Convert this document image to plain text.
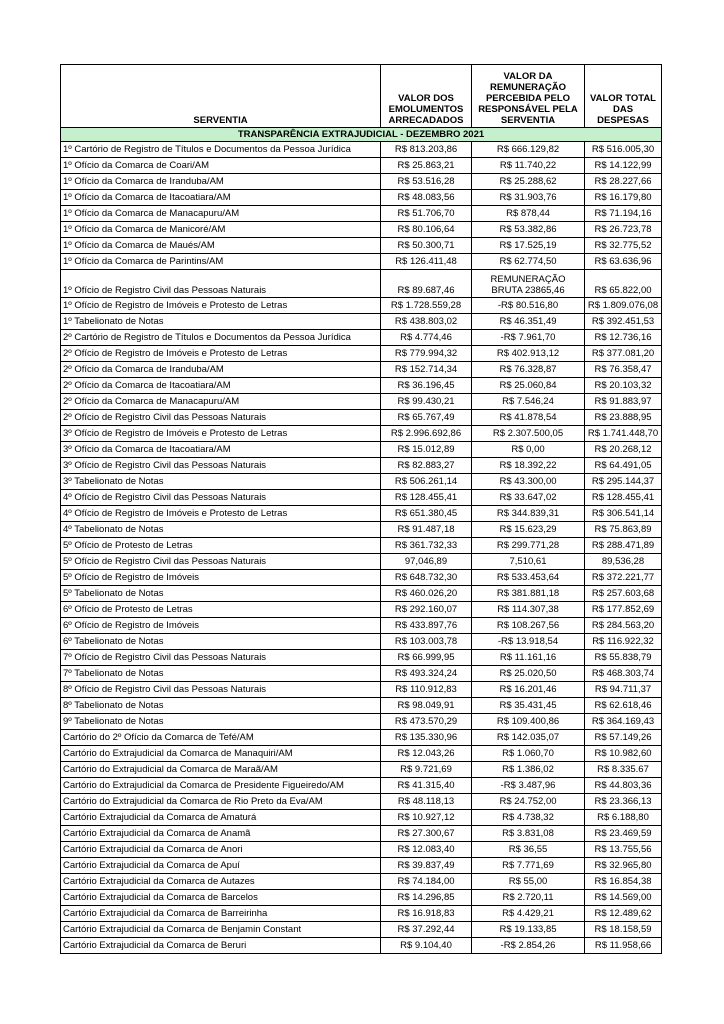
SERVENTIA	VALOR DOS EMOLUMENTOS ARRECADADOS	VALOR DA REMUNERAÇÃO PERCEBIDA PELO RESPONSÁVEL PELA SERVENTIA	VALOR TOTAL DAS DESPESAS
TRANSPARÊNCIA EXTRAJUDICIAL - DEZEMBRO 2021			
1º Cartório de Registro de Títulos e Documentos da Pessoa Jurídica	R$ 813.203,86	R$ 666.129,82	R$ 516.005,30
1º Ofício da Comarca de Coari/AM	R$ 25.863,21	R$ 11.740,22	R$ 14.122,99
1º Ofício da Comarca de Iranduba/AM	R$ 53.516,28	R$ 25.288,62	R$ 28.227,66
1º Ofício da Comarca de Itacoatiara/AM	R$ 48.083,56	R$ 31.903,76	R$ 16.179,80
1º Ofício da Comarca de Manacapuru/AM	R$ 51.706,70	R$ 878,44	R$ 71.194,16
1º Ofício da Comarca de Manicoré/AM	R$ 80.106,64	R$ 53.382,86	R$ 26.723,78
1º Ofício da Comarca de Maués/AM	R$ 50.300,71	R$ 17.525,19	R$ 32.775,52
1º Ofício da Comarca de Parintins/AM	R$ 126.411,48	R$ 62.774,50	R$ 63.636,96
1º Ofício de Registro Civil das Pessoas Naturais	R$ 89.687,46	REMUNERAÇÃO BRUTA 23865,46	R$ 65.822,00
1º Ofício de Registro de Imóveis e Protesto de Letras	R$ 1.728.559,28	-R$ 80.516,80	R$ 1.809.076,08
1º Tabelionato de Notas	R$ 438.803,02	R$ 46.351,49	R$ 392.451,53
2º Cartório de Registro de Títulos e Documentos da Pessoa Jurídica	R$ 4.774,46	-R$ 7.961,70	R$ 12.736,16
2º Ofício de Registro de Imóveis e Protesto de Letras	R$ 779.994,32	R$ 402.913,12	R$ 377.081,20
2º Ofício da Comarca de Iranduba/AM	R$ 152.714,34	R$ 76.328,87	R$ 76.358,47
2º Ofício da Comarca de Itacoatiara/AM	R$ 36.196,45	R$ 25.060,84	R$ 20.103,32
2º Ofício da Comarca de Manacapuru/AM	R$ 99.430,21	R$ 7.546,24	R$ 91.883,97
2º Ofício de Registro Civil das Pessoas Naturais	R$ 65.767,49	R$ 41.878,54	R$ 23.888,95
3º Ofício de Registro de Imóveis e Protesto de Letras	R$ 2.996.692,86	R$ 2.307.500,05	R$ 1.741.448,70
3º Ofício da Comarca de Itacoatiara/AM	R$ 15.012,89	R$ 0,00	R$ 20.268,12
3º Ofício de Registro Civil das Pessoas Naturais	R$ 82.883,27	R$ 18.392,22	R$ 64.491,05
3º Tabelionato de Notas	R$ 506.261,14	R$ 43.300,00	R$ 295.144,37
4º Ofício de Registro Civil das Pessoas Naturais	R$ 128.455,41	R$ 33.647,02	R$ 128.455,41
4º Ofício de Registro de Imóveis e Protesto de Letras	R$ 651.380,45	R$ 344.839,31	R$ 306.541,14
4º Tabelionato de Notas	R$ 91.487,18	R$ 15.623,29	R$ 75.863,89
5º Ofício de Protesto de Letras	R$ 361.732,33	R$ 299.771,28	R$ 288.471,89
5º Ofício de Registro Civil das Pessoas Naturais	97,046,89	7,510,61	89,536,28
5º Ofício de Registro de Imóveis	R$ 648.732,30	R$ 533.453,64	R$ 372.221,77
5º Tabelionato de Notas	R$ 460.026,20	R$ 381.881,18	R$ 257.603,68
6º Ofício de Protesto de Letras	R$ 292.160,07	R$ 114.307,38	R$ 177.852,69
6º Ofício de Registro de Imóveis	R$ 433.897,76	R$ 108.267,56	R$ 284.563,20
6º Tabelionato de Notas	R$ 103.003,78	-R$ 13.918,54	R$ 116.922,32
7º Ofício de Registro Civil das Pessoas Naturais	R$ 66.999,95	R$ 11.161,16	R$ 55.838,79
7º Tabelionato de Notas	R$ 493.324,24	R$ 25.020,50	R$ 468.303,74
8º Ofício de Registro Civil das Pessoas Naturais	R$ 110.912,83	R$ 16.201,46	R$ 94.711,37
8º Tabelionato de Notas	R$ 98.049,91	R$ 35.431,45	R$ 62.618,46
9º Tabelionato de Notas	R$ 473.570,29	R$ 109.400,86	R$ 364.169,43
Cartório do 2º Ofício da Comarca de Tefé/AM	R$ 135.330,96	R$ 142.035,07	R$ 57.149,26
Cartório do Extrajudicial da Comarca de Manaquiri/AM	R$ 12.043,26	R$ 1.060,70	R$ 10.982,60
Cartório do Extrajudicial da Comarca de Maraã/AM	R$ 9.721,69	R$ 1.386,02	R$ 8.335.67
Cartório do Extrajudicial da Comarca de Presidente Figueiredo/AM	R$ 41.315,40	-R$ 3.487,96	R$ 44.803,36
Cartório do Extrajudicial da Comarca de Rio Preto da Eva/AM	R$ 48.118,13	R$ 24.752,00	R$ 23.366,13
Cartório Extrajudicial da Comarca de Amaturá	R$ 10.927,12	R$ 4.738,32	R$ 6.188,80
Cartório Extrajudicial da Comarca de Anamã	R$ 27.300,67	R$ 3.831,08	R$ 23.469,59
Cartório Extrajudicial da Comarca de Anori	R$ 12.083,40	R$ 36,55	R$ 13.755,56
Cartório Extrajudicial da Comarca de Apuí	R$ 39.837,49	R$ 7.771,69	R$ 32.965,80
Cartório Extrajudicial da Comarca de Autazes	R$ 74.184,00	R$ 55,00	R$ 16.854,38
Cartório Extrajudicial da Comarca de Barcelos	R$ 14.296,85	R$ 2.720,11	R$ 14.569,00
Cartório Extrajudicial da Comarca de Barreirinha	R$ 16.918,83	R$ 4.429,21	R$ 12.489,62
Cartório Extrajudicial da Comarca de Benjamin Constant	R$ 37.292,44	R$ 19.133,85	R$ 18.158,59
Cartório Extrajudicial da Comarca de Beruri	R$ 9.104,40	-R$ 2.854,26	R$ 11.958,66
